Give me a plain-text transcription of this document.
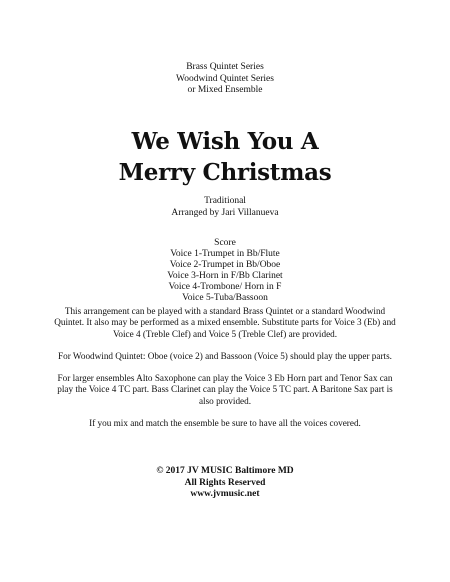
Brass Quintet Series
Woodwind Quintet Series
or Mixed Ensemble
We Wish You A
Merry Christmas
Traditional
Arranged by Jari Villanueva
Score
Voice 1-Trumpet in Bb/Flute
Voice 2-Trumpet in Bb/Oboe
Voice 3-Horn in F/Bb Clarinet
Voice 4-Trombone/ Horn in F
Voice 5-Tuba/Bassoon

This arrangement can be played with a standard Brass Quintet or a standard Woodwind Quintet. It also may be performed as a mixed ensemble. Substitute parts for Voice 3 (Eb) and Voice 4 (Treble Clef) and Voice 5 (Treble Clef) are provided.

For Woodwind Quintet: Oboe (voice 2) and Bassoon (Voice 5) should play the upper parts.

For larger ensembles Alto Saxophone can play the Voice 3 Eb Horn part and Tenor Sax can play the Voice 4 TC part. Bass Clarinet can play the Voice 5 TC part. A Baritone Sax part is also provided.

If you mix and match the ensemble be sure to have all the voices covered.

© 2017 JV MUSIC Baltimore MD
All Rights Reserved
www.jvmusic.net
